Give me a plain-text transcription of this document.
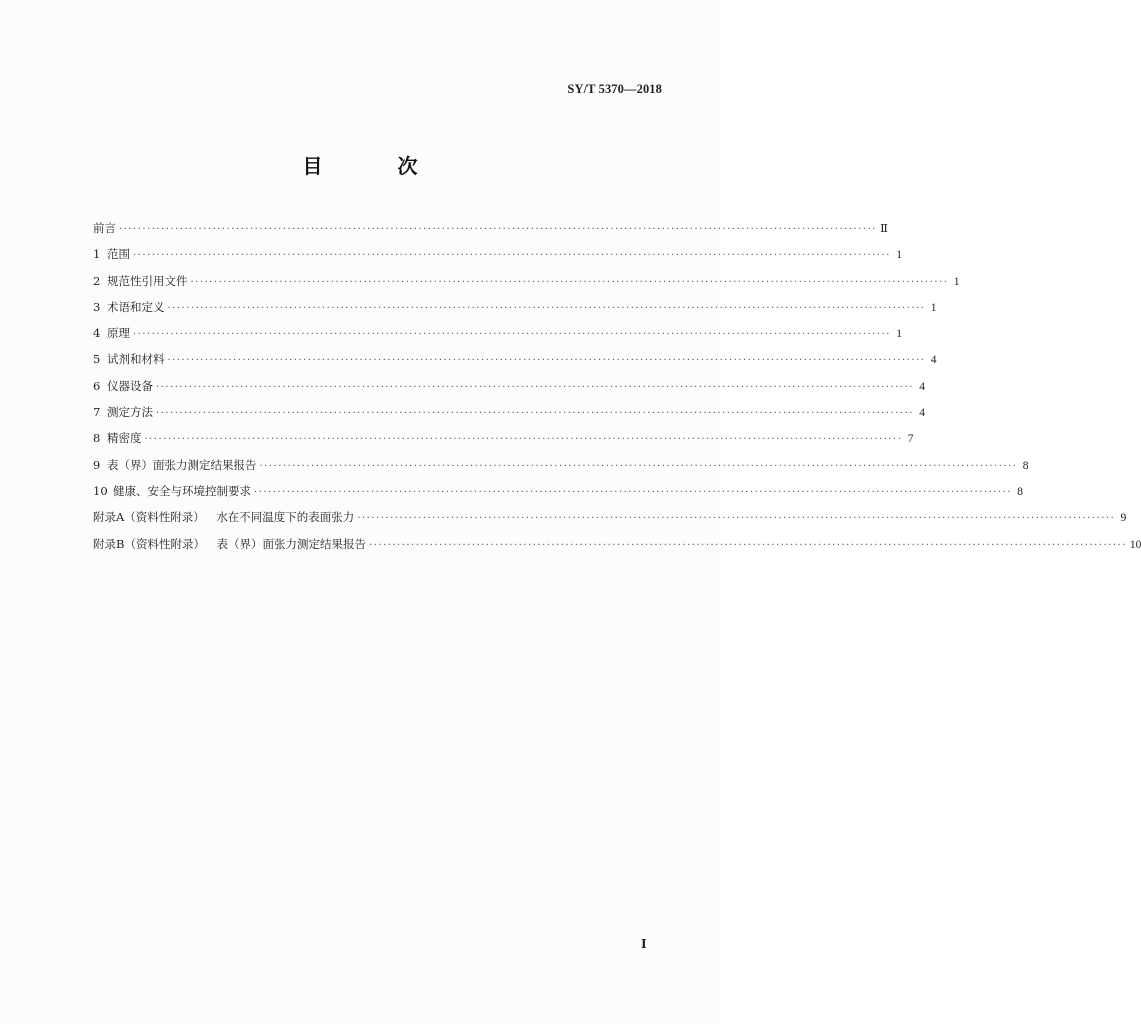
SY/T 5370—2018
目 次
前言 ·································································································································································· Ⅱ
1 范围 ·································································································································································· 1
2 规范性引用文件 ·································································································································································· 1
3 术语和定义 ·································································································································································· 1
4 原理 ·································································································································································· 1
5 试剂和材料 ·································································································································································· 4
6 仪器设备 ·································································································································································· 4
7 测定方法 ·································································································································································· 4
8 精密度 ·································································································································································· 7
9 表（界）面张力测定结果报告 ·································································································································································· 8
10 健康、安全与环境控制要求 ·································································································································································· 8
附录A（资料性附录）  水在不同温度下的表面张力 ·································································································································································· 9
附录B（资料性附录）  表（界）面张力测定结果报告 ·································································································································································· 10
Ⅰ
